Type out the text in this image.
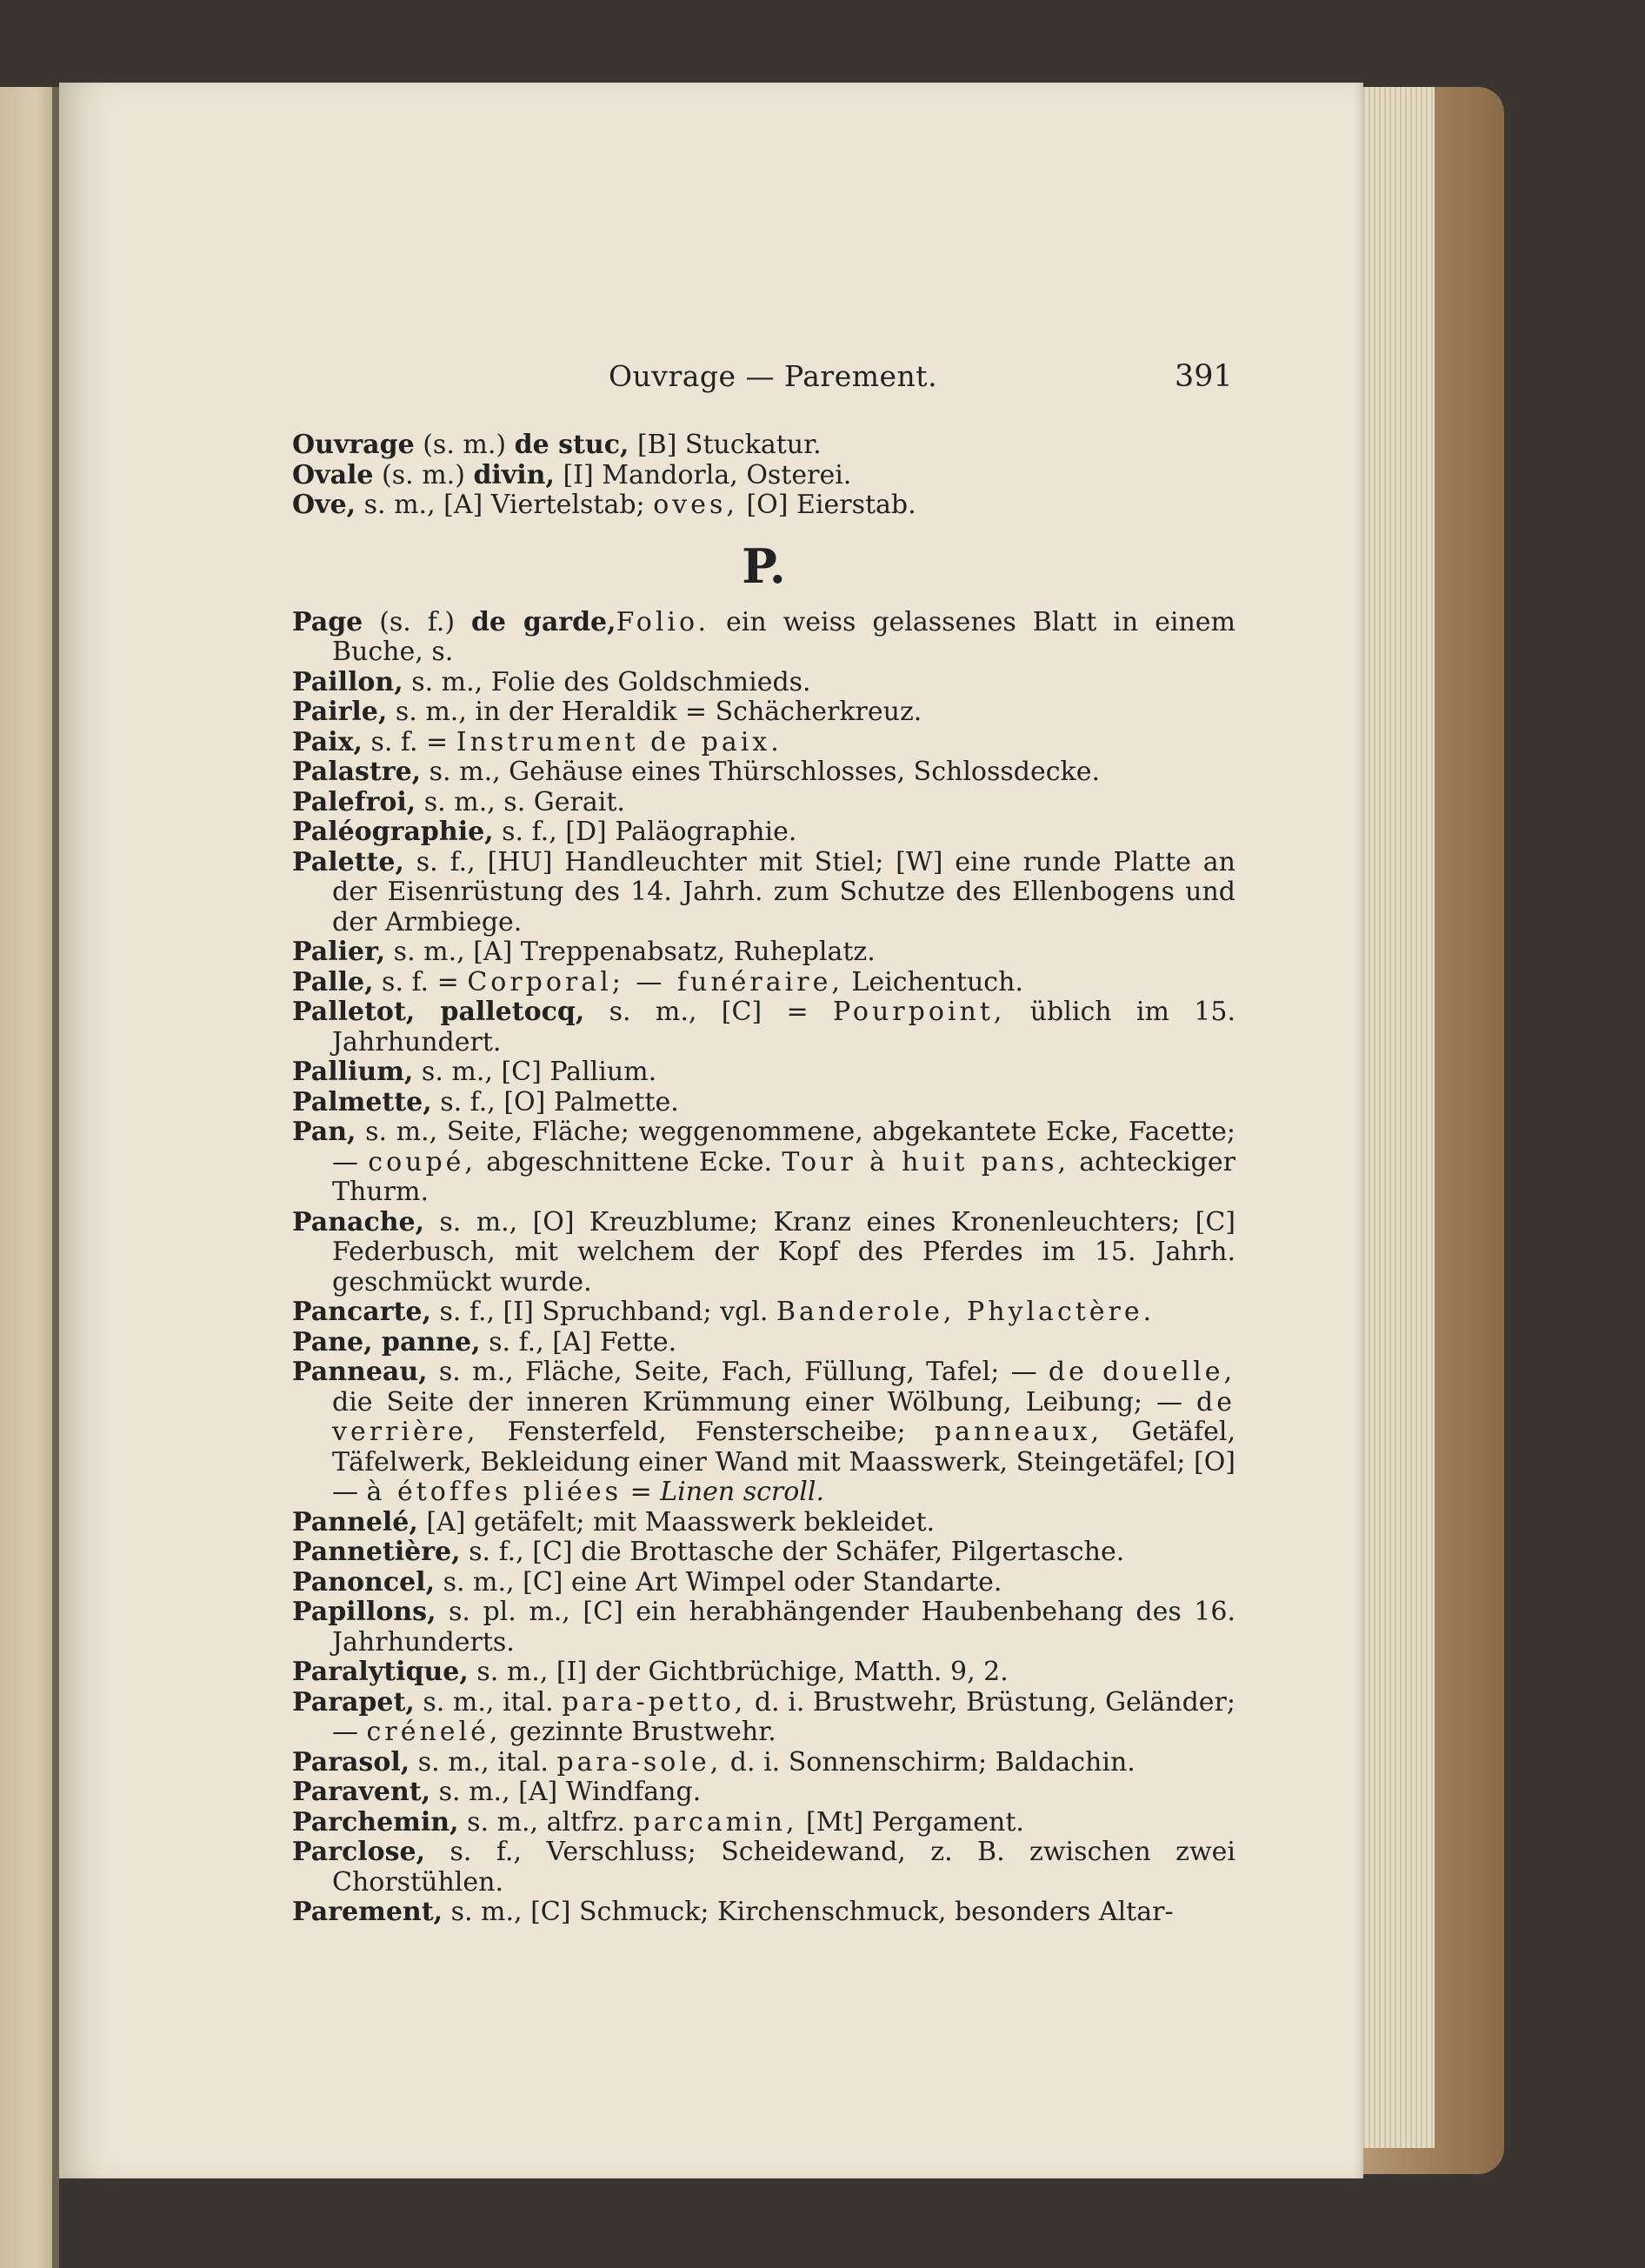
Ouvrage — Parement.	391
Ouvrage (s. m.) de stuc, [B] Stuckatur.
Ovale (s. m.) divin, [I] Mandorla, Osterei.
Ove, s. m., [A] Viertelstab; oves, [O] Eierstab.
P.
Page (s. f.) de garde,Folio. ein weiss gelassenes Blatt in einem Buche, s.
Paillon, s. m., Folie des Goldschmieds.
Pairle, s. m., in der Heraldik = Schächerkreuz.
Paix, s. f. = Instrument de paix.
Palastre, s. m., Gehäuse eines Thürschlosses, Schlossdecke.
Palefroi, s. m., s. Gerait.
Paléographie, s. f., [D] Paläographie.
Palette, s. f., [HU] Handleuchter mit Stiel; [W] eine runde Platte an der Eisenrüstung des 14. Jahrh. zum Schutze des Ellenbogens und der Armbiege.
Palier, s. m., [A] Treppenabsatz, Ruheplatz.
Palle, s. f. = Corporal; — funéraire, Leichentuch.
Palletot, palletocq, s. m., [C] = Pourpoint, üblich im 15. Jahrhundert.
Pallium, s. m., [C] Pallium.
Palmette, s. f., [O] Palmette.
Pan, s. m., Seite, Fläche; weggenommene, abgekantete Ecke, Facette; — coupé, abgeschnittene Ecke. Tour à huit pans, achteckiger Thurm.
Panache, s. m., [O] Kreuzblume; Kranz eines Kronenleuchters; [C] Federbusch, mit welchem der Kopf des Pferdes im 15. Jahrh. geschmückt wurde.
Pancarte, s. f., [I] Spruchband; vgl. Banderole, Phylactère.
Pane, panne, s. f., [A] Fette.
Panneau, s. m., Fläche, Seite, Fach, Füllung, Tafel; — de douelle, die Seite der inneren Krümmung einer Wölbung, Leibung; — de verrière, Fensterfeld, Fensterscheibe; panneaux, Getäfel, Täfelwerk, Bekleidung einer Wand mit Maasswerk, Steingetäfel; [O] — à étoffes pliées = Linen scroll.
Pannelé, [A] getäfelt; mit Maasswerk bekleidet.
Pannetière, s. f., [C] die Brottasche der Schäfer, Pilgertasche.
Panoncel, s. m., [C] eine Art Wimpel oder Standarte.
Papillons, s. pl. m., [C] ein herabhängender Haubenbehang des 16. Jahrhunderts.
Paralytique, s. m., [I] der Gichtbrüchige, Matth. 9, 2.
Parapet, s. m., ital. para-petto, d. i. Brustwehr, Brüstung, Geländer; — crénelé, gezinnte Brustwehr.
Parasol, s. m., ital. para-sole, d. i. Sonnenschirm; Baldachin.
Paravent, s. m., [A] Windfang.
Parchemin, s. m., altfrz. parcamin, [Mt] Pergament.
Parclose, s. f., Verschluss; Scheidewand, z. B. zwischen zwei Chorstühlen.
Parement, s. m., [C] Schmuck; Kirchenschmuck, besonders Altar-
